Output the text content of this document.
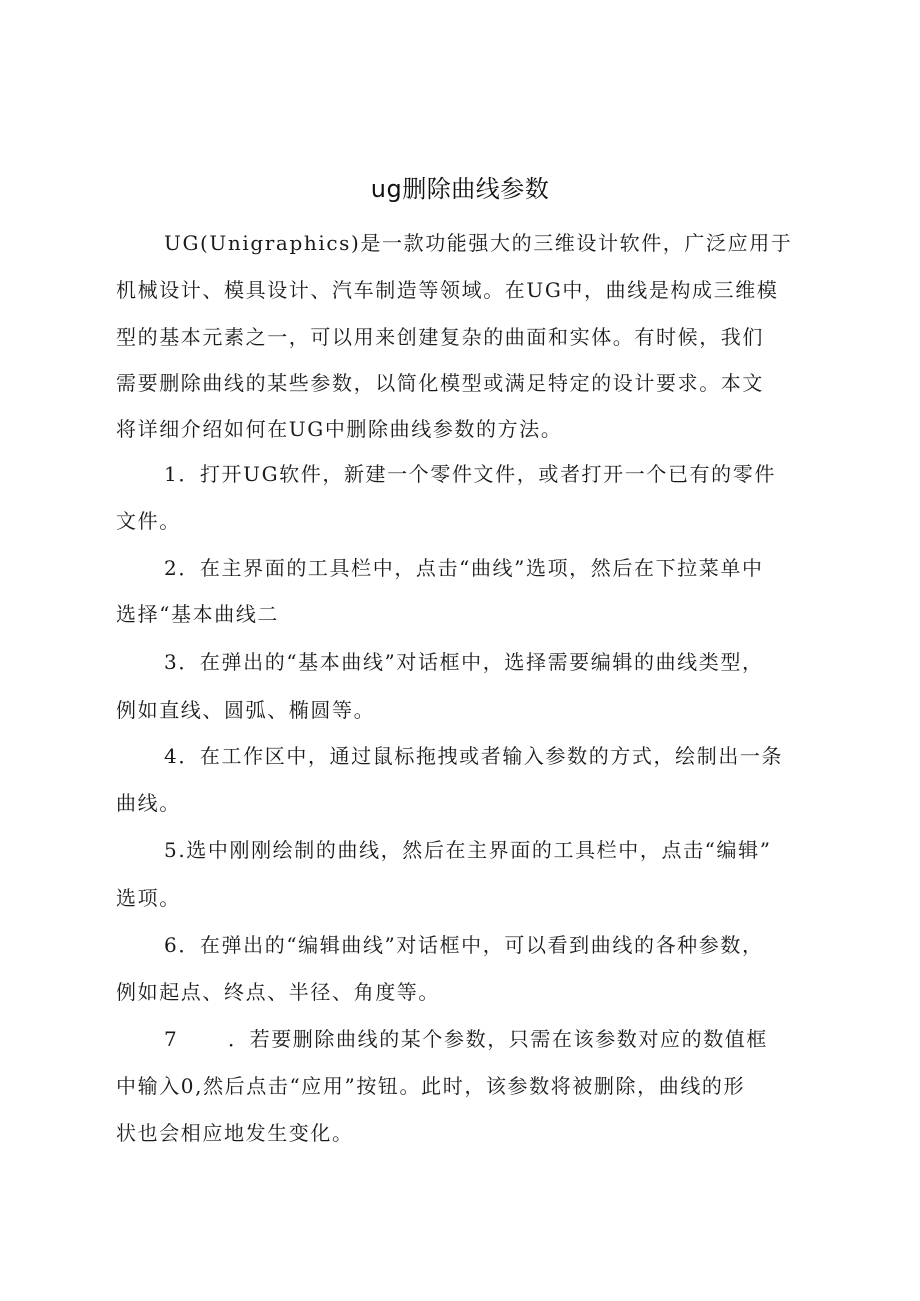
ug删除曲线参数
UG(Unigraphics)是一款功能强大的三维设计软件，广泛应用于
机械设计、模具设计、汽车制造等领域。在UG中，曲线是构成三维模
型的基本元素之一，可以用来创建复杂的曲面和实体。有时候，我们
需要删除曲线的某些参数，以简化模型或满足特定的设计要求。本文
将详细介绍如何在UG中删除曲线参数的方法。
1．打开UG软件，新建一个零件文件，或者打开一个已有的零件
文件。
2．在主界面的工具栏中，点击“曲线”选项，然后在下拉菜单中
选择“基本曲线二
3．在弹出的“基本曲线”对话框中，选择需要编辑的曲线类型，
例如直线、圆弧、椭圆等。
4．在工作区中，通过鼠标拖拽或者输入参数的方式，绘制出一条
曲线。
5.选中刚刚绘制的曲线，然后在主界面的工具栏中，点击“编辑”
选项。
6．在弹出的“编辑曲线”对话框中，可以看到曲线的各种参数，
例如起点、终点、半径、角度等。
7 ．若要删除曲线的某个参数，只需在该参数对应的数值框
中输入0,然后点击“应用”按钮。此时，该参数将被删除，曲线的形
状也会相应地发生变化。
